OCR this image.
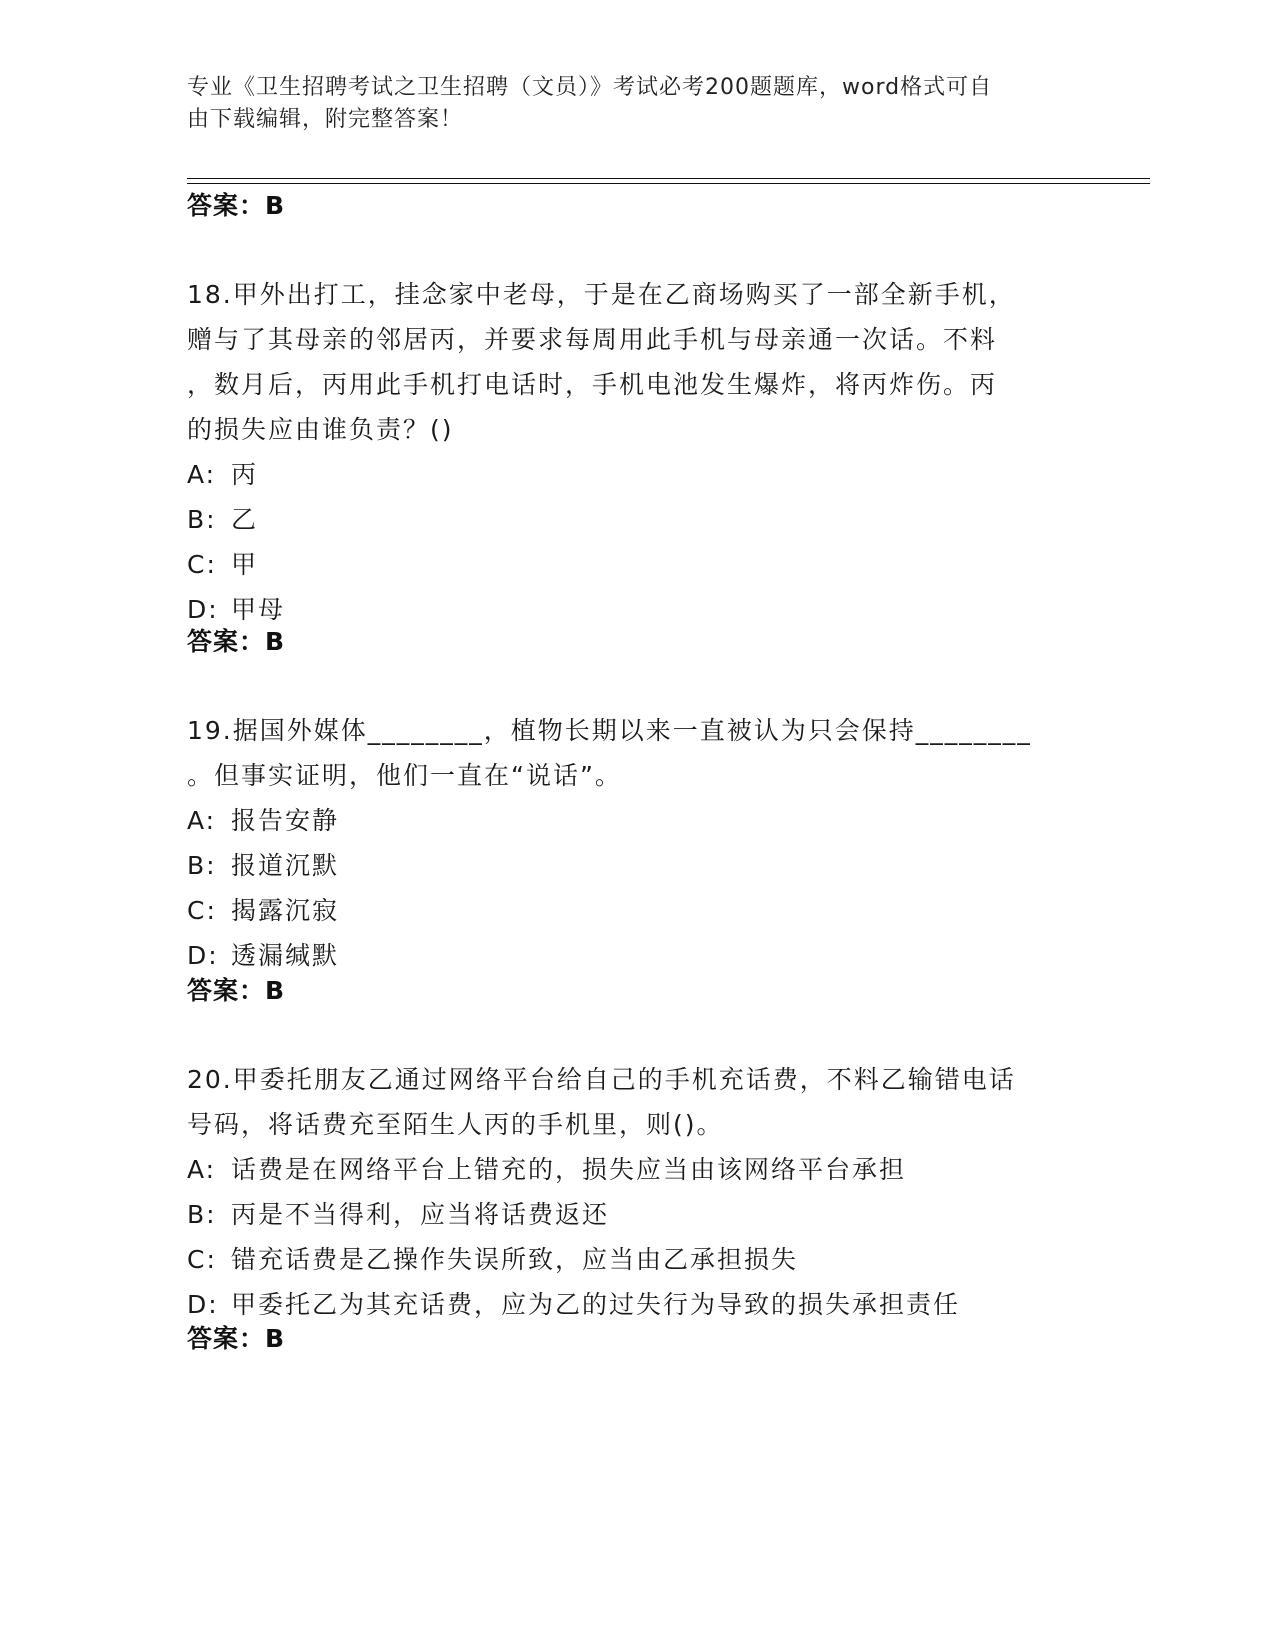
专业《卫生招聘考试之卫生招聘（文员）》考试必考200题题库，word格式可自
由下载编辑，附完整答案！
答案：B
18.甲外出打工，挂念家中老母，于是在乙商场购买了一部全新手机，
赠与了其母亲的邻居丙，并要求每周用此手机与母亲通一次话。不料
，数月后，丙用此手机打电话时，手机电池发生爆炸，将丙炸伤。丙
的损失应由谁负责？()
A: 丙
B: 乙
C: 甲
D: 甲母
答案：B
19.据国外媒体________，植物长期以来一直被认为只会保持________
。但事实证明，他们一直在“说话”。
A: 报告安静
B: 报道沉默
C: 揭露沉寂
D: 透漏缄默
答案：B
20.甲委托朋友乙通过网络平台给自己的手机充话费，不料乙输错电话
号码，将话费充至陌生人丙的手机里，则()。
A: 话费是在网络平台上错充的，损失应当由该网络平台承担
B: 丙是不当得利，应当将话费返还
C: 错充话费是乙操作失误所致，应当由乙承担损失
D: 甲委托乙为其充话费，应为乙的过失行为导致的损失承担责任
答案：B
